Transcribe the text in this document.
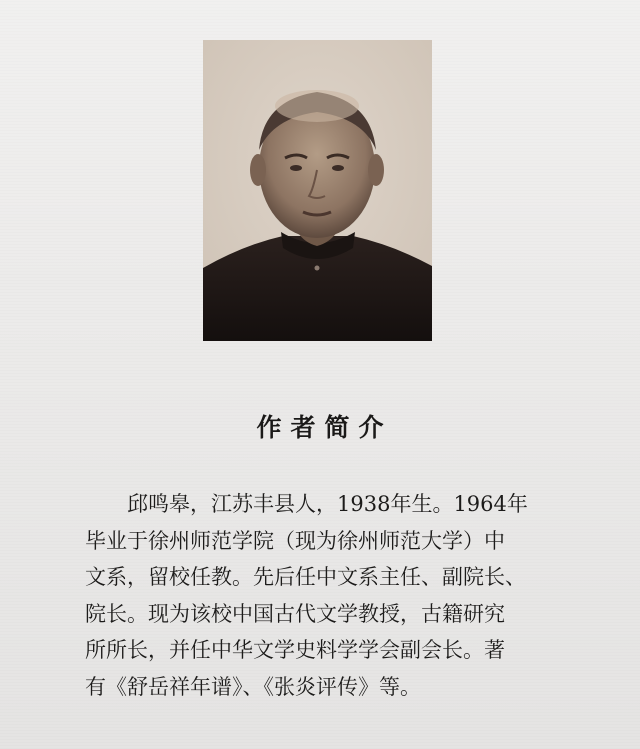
作者简介
邱鸣皋，江苏丰县人，1938年生。1964年
毕业于徐州师范学院（现为徐州师范大学）中
文系，留校任教。先后任中文系主任、副院长、
院长。现为该校中国古代文学教授，古籍研究
所所长，并任中华文学史料学学会副会长。著
有《舒岳祥年谱》、《张炎评传》等。
